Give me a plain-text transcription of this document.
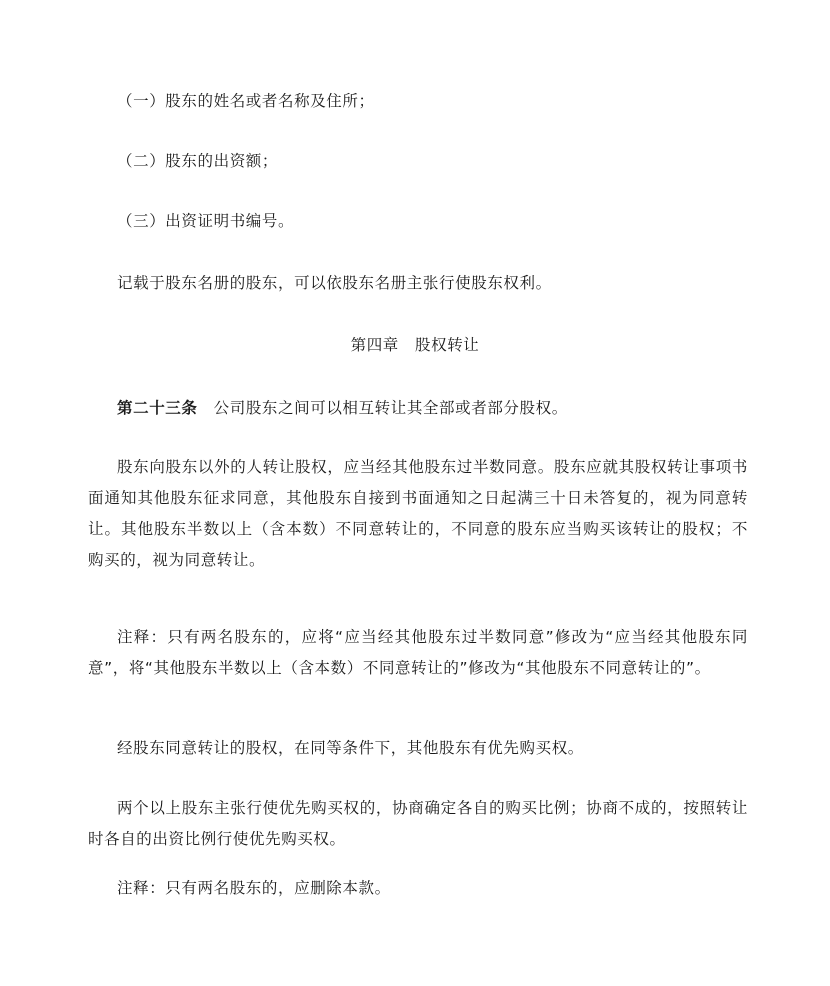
（一）股东的姓名或者名称及住所；
（二）股东的出资额；
（三）出资证明书编号。
记载于股东名册的股东，可以依股东名册主张行使股东权利。
第四章　股权转让
第二十三条　公司股东之间可以相互转让其全部或者部分股权。
股东向股东以外的人转让股权，应当经其他股东过半数同意。股东应就其股权转让事项书面通知其他股东征求同意，其他股东自接到书面通知之日起满三十日未答复的，视为同意转让。其他股东半数以上（含本数）不同意转让的，不同意的股东应当购买该转让的股权；不购买的，视为同意转让。
注释：只有两名股东的，应将“应当经其他股东过半数同意”修改为“应当经其他股东同意”，将“其他股东半数以上（含本数）不同意转让的”修改为“其他股东不同意转让的”。
经股东同意转让的股权，在同等条件下，其他股东有优先购买权。
两个以上股东主张行使优先购买权的，协商确定各自的购买比例；协商不成的，按照转让时各自的出资比例行使优先购买权。
注释：只有两名股东的，应删除本款。
